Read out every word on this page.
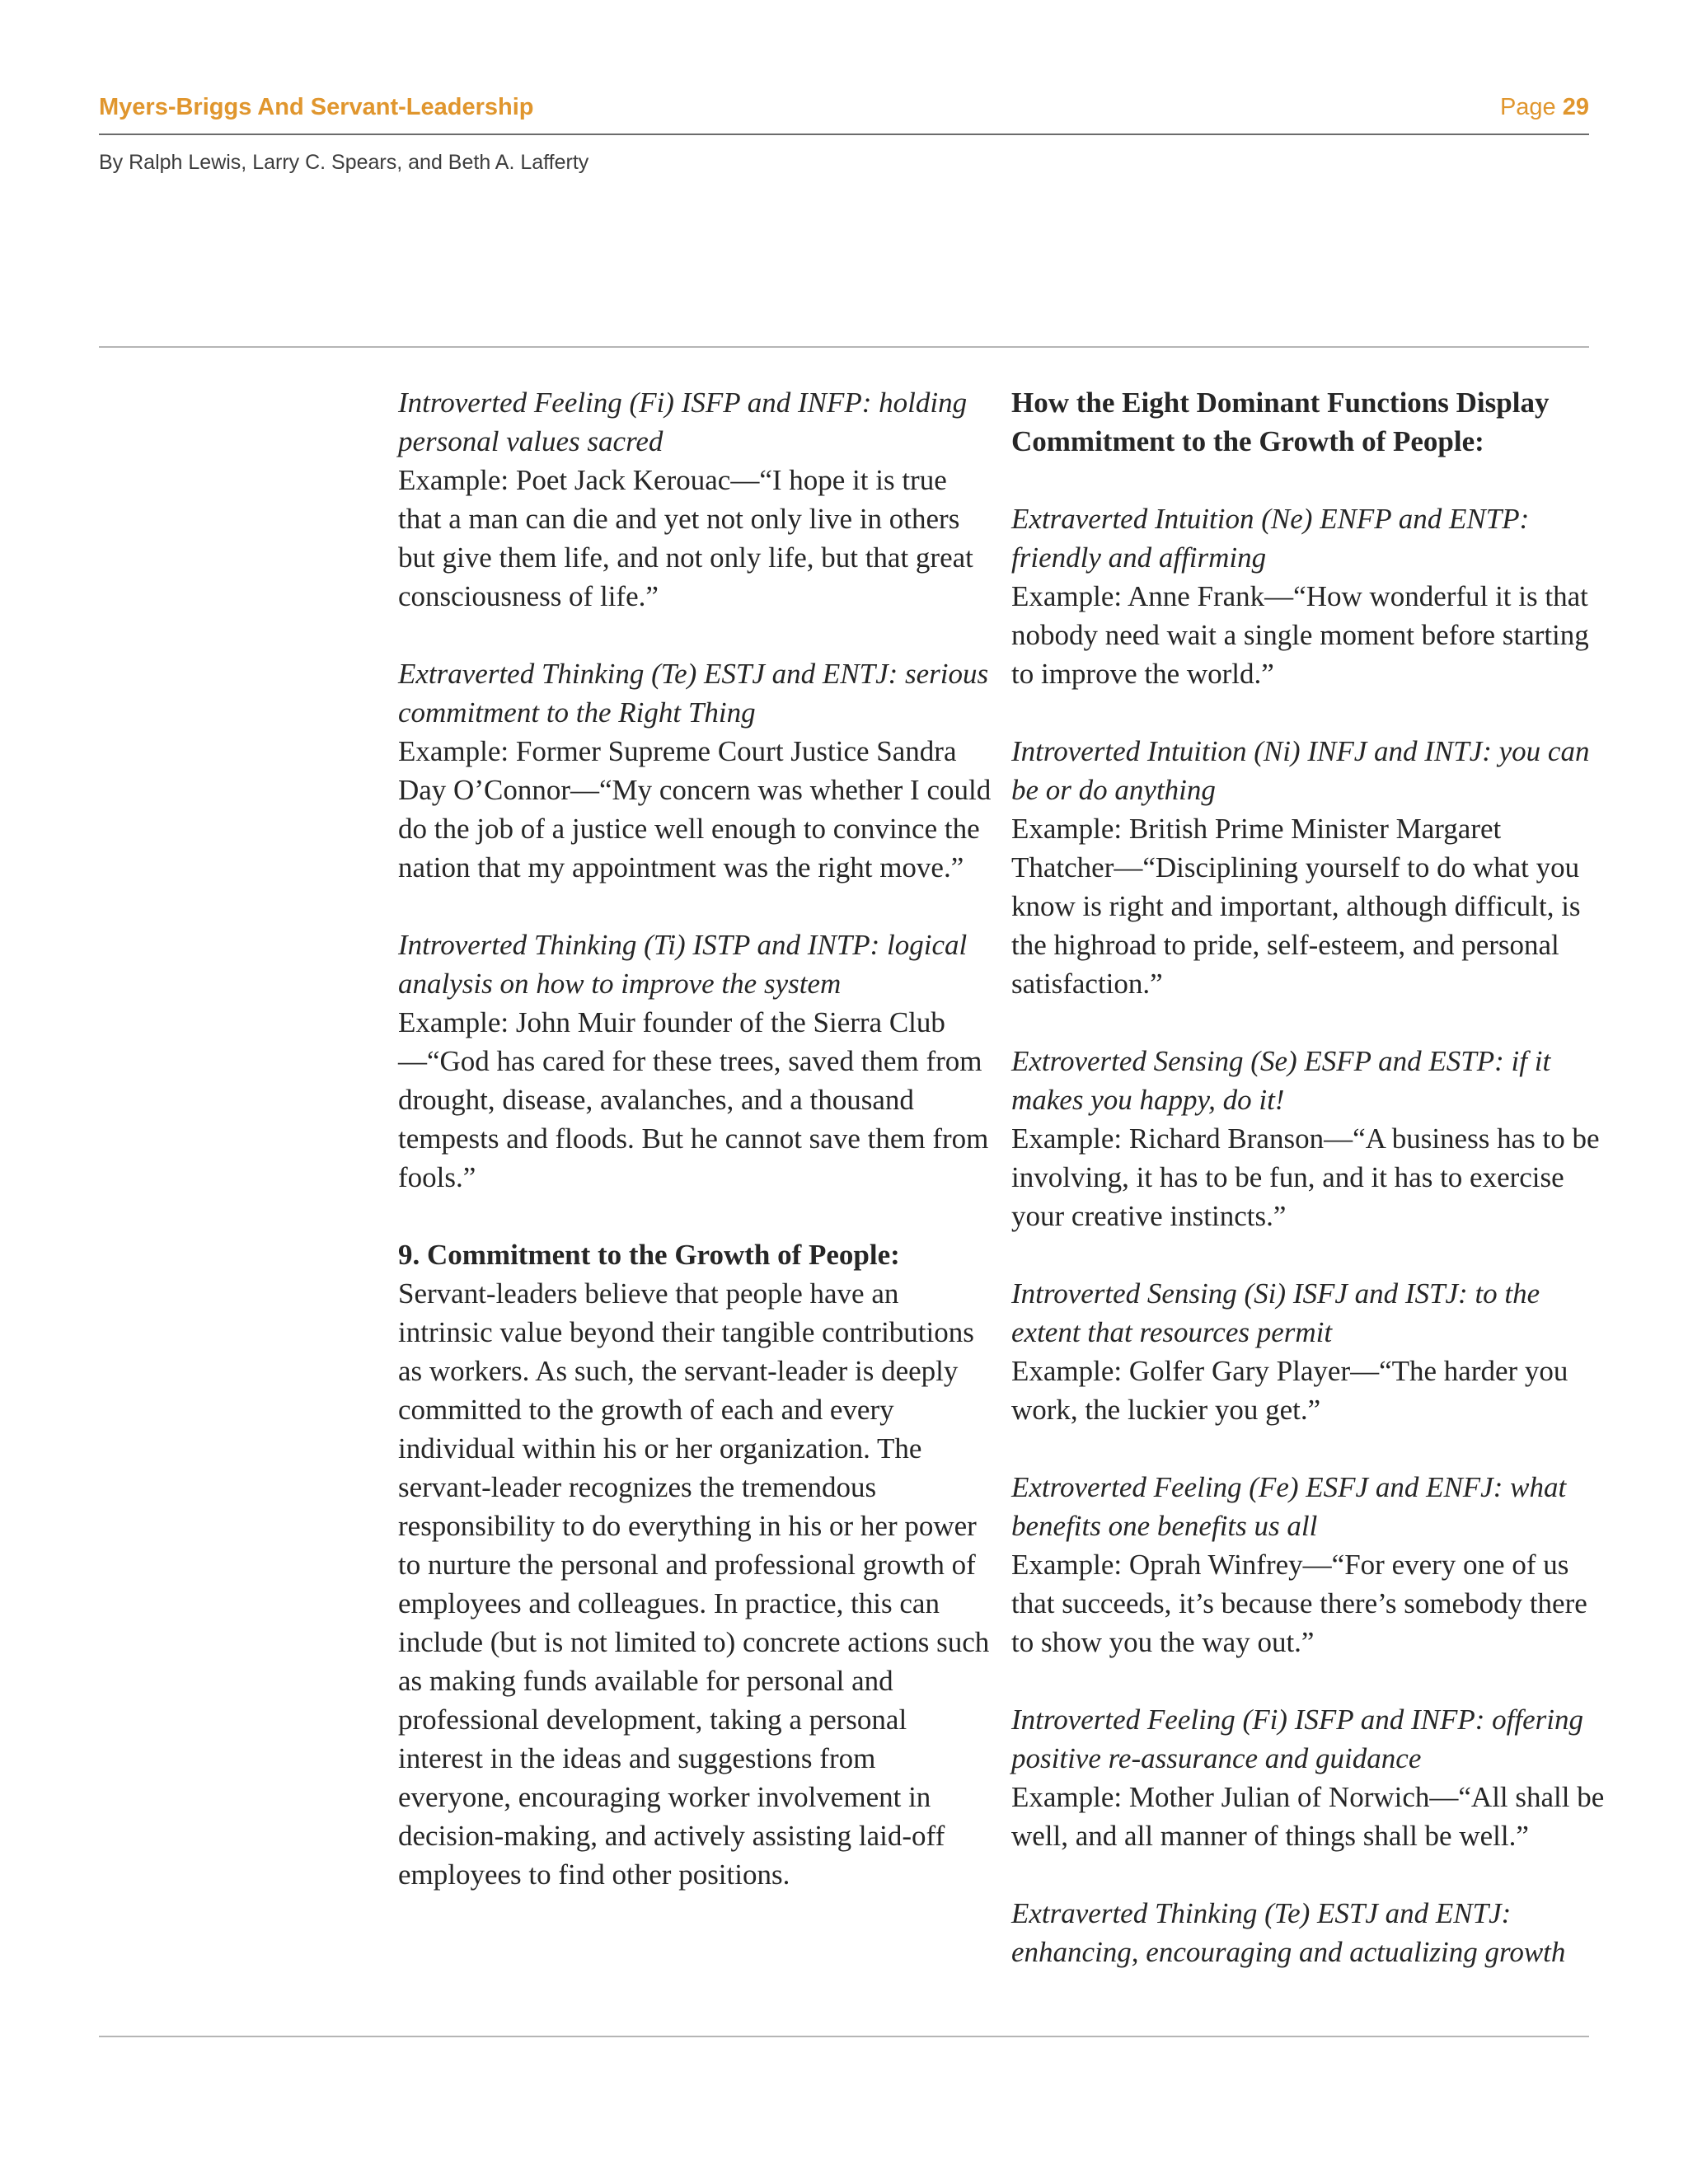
Myers-Briggs And Servant-Leadership	Page 29
By Ralph Lewis, Larry C. Spears, and Beth A. Lafferty

Introverted Feeling (Fi) ISFP and INFP: holding personal values sacred
Example: Poet Jack Kerouac—“I hope it is true that a man can die and yet not only live in others but give them life, and not only life, but that great consciousness of life.”

Extraverted Thinking (Te) ESTJ and ENTJ: serious commitment to the Right Thing
Example: Former Supreme Court Justice Sandra Day O’Connor—“My concern was whether I could do the job of a justice well enough to convince the nation that my appointment was the right move.”

Introverted Thinking (Ti) ISTP and INTP: logical analysis on how to improve the system
Example: John Muir founder of the Sierra Club—“God has cared for these trees, saved them from drought, disease, avalanches, and a thousand tempests and floods. But he cannot save them from fools.”

9. Commitment to the Growth of People:
Servant-leaders believe that people have an intrinsic value beyond their tangible contributions as workers. As such, the servant-leader is deeply committed to the growth of each and every individual within his or her organization. The servant-leader recognizes the tremendous responsibility to do everything in his or her power to nurture the personal and professional growth of employees and colleagues. In practice, this can include (but is not limited to) concrete actions such as making funds available for personal and professional development, taking a personal interest in the ideas and suggestions from everyone, encouraging worker involvement in decision-making, and actively assisting laid-off employees to find other positions.

How the Eight Dominant Functions Display Commitment to the Growth of People:

Extraverted Intuition (Ne) ENFP and ENTP: friendly and affirming
Example: Anne Frank—“How wonderful it is that nobody need wait a single moment before starting to improve the world.”

Introverted Intuition (Ni) INFJ and INTJ: you can be or do anything
Example: British Prime Minister Margaret Thatcher—“Disciplining yourself to do what you know is right and important, although difficult, is the highroad to pride, self-esteem, and personal satisfaction.”

Extroverted Sensing (Se) ESFP and ESTP: if it makes you happy, do it!
Example: Richard Branson—“A business has to be involving, it has to be fun, and it has to exercise your creative instincts.”

Introverted Sensing (Si) ISFJ and ISTJ: to the extent that resources permit
Example: Golfer Gary Player—“The harder you work, the luckier you get.”

Extroverted Feeling (Fe) ESFJ and ENFJ: what benefits one benefits us all
Example: Oprah Winfrey—“For every one of us that succeeds, it’s because there’s somebody there to show you the way out.”

Introverted Feeling (Fi) ISFP and INFP: offering positive re-assurance and guidance
Example: Mother Julian of Norwich—“All shall be well, and all manner of things shall be well.”

Extraverted Thinking (Te) ESTJ and ENTJ: enhancing, encouraging and actualizing growth
